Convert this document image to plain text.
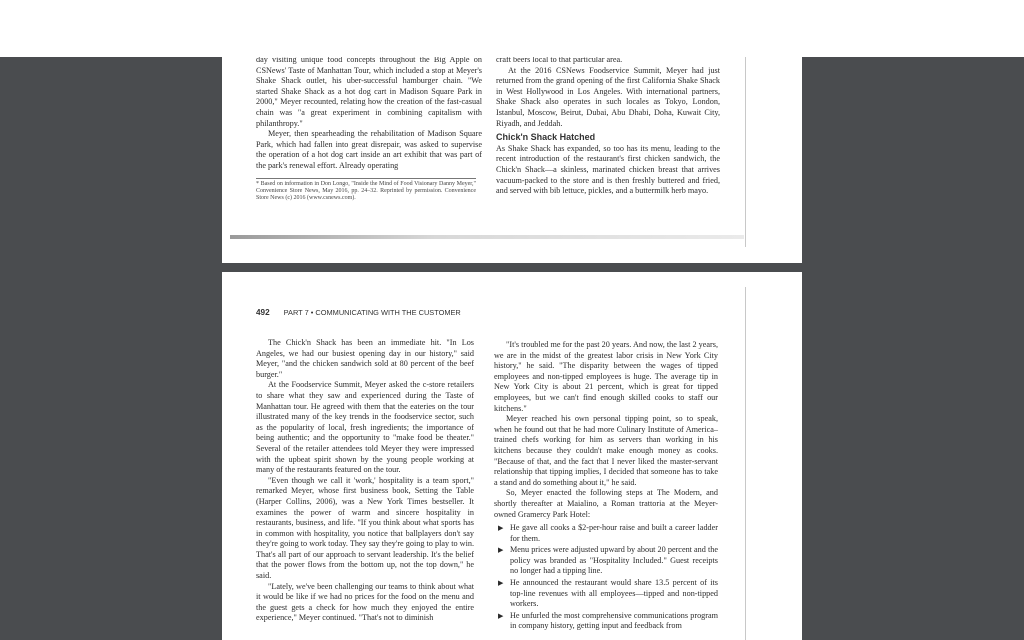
day visiting unique food concepts throughout the Big Apple on CSNews' Taste of Manhattan Tour, which included a stop at Meyer's Shake Shack outlet, his uber-successful hamburger chain. "We started Shake Shack as a hot dog cart in Madison Square Park in 2000," Meyer recounted, relating how the creation of the fast-casual chain was "a great experiment in combining capitalism with philanthropy."

Meyer, then spearheading the rehabilitation of Madison Square Park, which had fallen into great disrepair, was asked to supervise the operation of a hot dog cart inside an art exhibit that was part of the park's renewal effort. Already operating

* Based on information in Don Longo, "Inside the Mind of Food Visionary Danny Meyer," Convenience Store News, May 2016, pp. 24–32. Reprinted by permission. Convenience Store News (c) 2016 (www.csnews.com).

craft beers local to that particular area.

At the 2016 CSNews Foodservice Summit, Meyer had just returned from the grand opening of the first California Shake Shack in West Hollywood in Los Angeles. With international partners, Shake Shack also operates in such locales as Tokyo, London, Istanbul, Moscow, Beirut, Dubai, Abu Dhabi, Doha, Kuwait City, Riyadh, and Jeddah.

Chick'n Shack Hatched

As Shake Shack has expanded, so too has its menu, leading to the recent introduction of the restaurant's first chicken sandwich, the Chick'n Shack—a skinless, marinated chicken breast that arrives vacuum-packed to the store and is then freshly buttered and fried, and served with bib lettuce, pickles, and a buttermilk herb mayo.

492 PART 7 • COMMUNICATING WITH THE CUSTOMER

The Chick'n Shack has been an immediate hit. "In Los Angeles, we had our busiest opening day in our history," said Meyer, "and the chicken sandwich sold at 80 percent of the beef burger."

At the Foodservice Summit, Meyer asked the c-store retailers to share what they saw and experienced during the Taste of Manhattan tour. He agreed with them that the eateries on the tour illustrated many of the key trends in the foodservice sector, such as the popularity of local, fresh ingredients; the importance of being authentic; and the opportunity to "make food be theater." Several of the retailer attendees told Meyer they were impressed with the upbeat spirit shown by the young people working at many of the restaurants featured on the tour.

"Even though we call it 'work,' hospitality is a team sport," remarked Meyer, whose first business book, Setting the Table (Harper Collins, 2006), was a New York Times bestseller. It examines the power of warm and sincere hospitality in restaurants, business, and life. "If you think about what sports has in common with hospitality, you notice that ballplayers don't say they're going to work today. They say they're going to play to win. That's all part of our approach to servant leadership. It's the belief that the power flows from the bottom up, not the top down," he said.

"Lately, we've been challenging our teams to think about what it would be like if we had no prices for the food on the menu and the guest gets a check for how much they enjoyed the entire experience," Meyer continued. "That's not to diminish

"It's troubled me for the past 20 years. And now, the last 2 years, we are in the midst of the greatest labor crisis in New York City history," he said. "The disparity between the wages of tipped employees and non-tipped employees is huge. The average tip in New York City is about 21 percent, which is great for tipped employees, but we can't find enough skilled cooks to staff our kitchens."

Meyer reached his own personal tipping point, so to speak, when he found out that he had more Culinary Institute of America–trained chefs working for him as servers than working in his kitchens because they couldn't make enough money as cooks. "Because of that, and the fact that I never liked the master-servant relationship that tipping implies, I decided that someone has to take a stand and do something about it," he said.

So, Meyer enacted the following steps at The Modern, and shortly thereafter at Maialino, a Roman trattoria at the Meyer-owned Gramercy Park Hotel:

▶ He gave all cooks a $2-per-hour raise and built a career ladder for them.
▶ Menu prices were adjusted upward by about 20 percent and the policy was branded as "Hospitality Included." Guest receipts no longer had a tipping line.
▶ He announced the restaurant would share 13.5 percent of its top-line revenues with all employees—tipped and non-tipped workers.
▶ He unfurled the most comprehensive communications program in company history, getting input and feedback from
